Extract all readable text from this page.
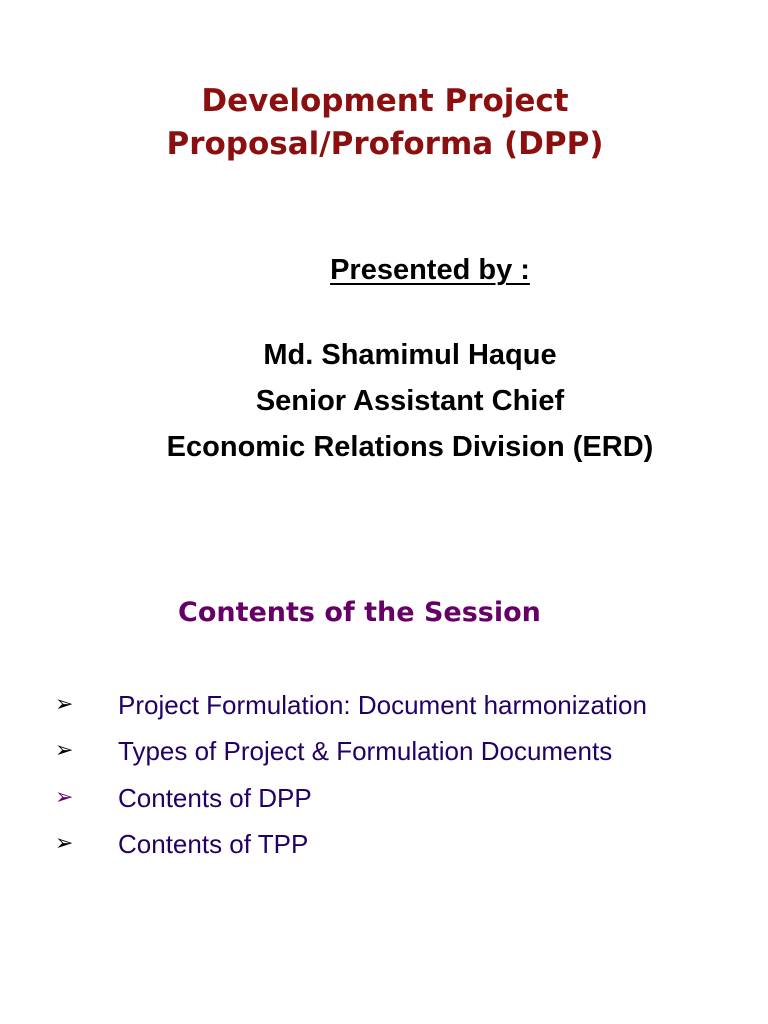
Development Project
Proposal/Proforma (DPP)
Presented by :
Md. Shamimul Haque
Senior Assistant Chief
Economic Relations Division (ERD)
Contents of the Session
➢	Project Formulation: Document harmonization
➢	Types of Project & Formulation Documents
➢	Contents of DPP
➢	Contents of TPP
